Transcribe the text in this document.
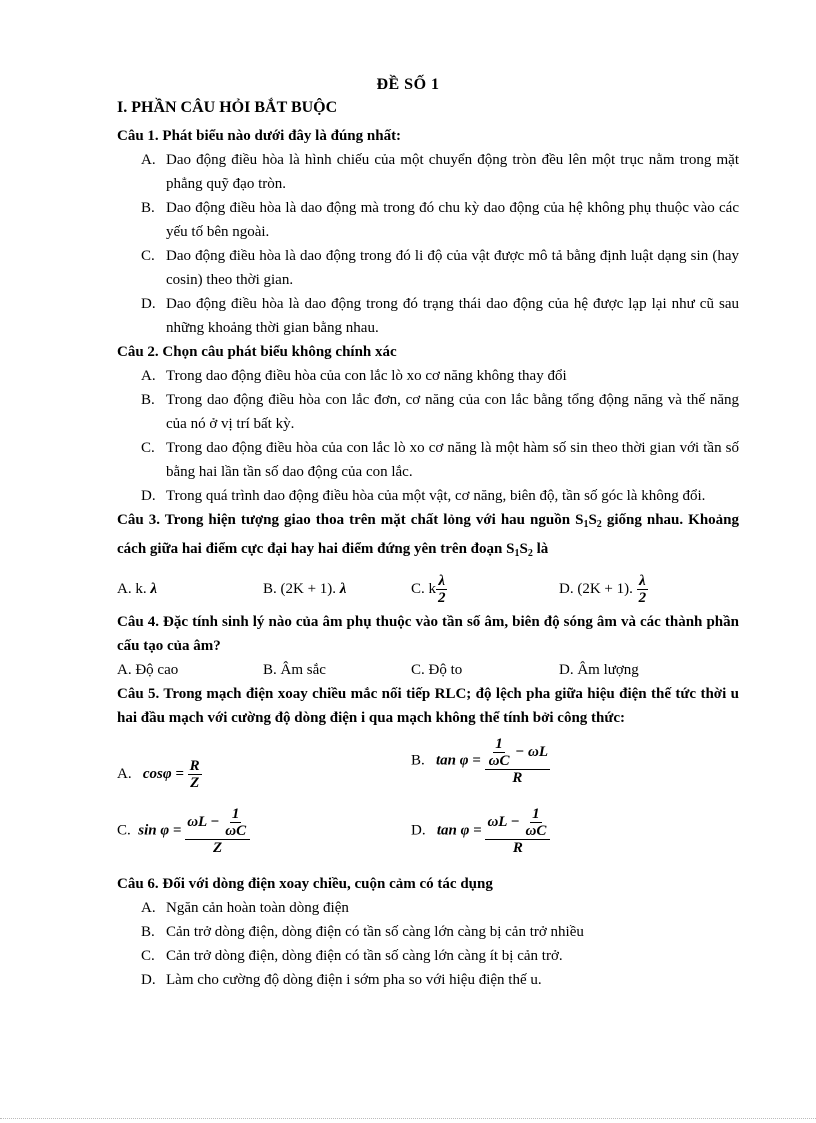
ĐỀ SỐ 1
I. PHẦN CÂU HỎI BẮT BUỘC

Câu 1. Phát biểu nào dưới đây là đúng nhất:

A. Dao động điều hòa là hình chiếu của một chuyển động tròn đều lên một trục nằm trong mặt phẳng quỹ đạo tròn.

B. Dao động điều hòa là dao động mà trong đó chu kỳ dao động của hệ không phụ thuộc vào các yếu tố bên ngoài.

C. Dao động điều hòa là dao động trong đó li độ của vật được mô tả bằng định luật dạng sin (hay cosin) theo thời gian.

D. Dao động điều hòa là dao động trong đó trạng thái dao động của hệ được lạp lại như cũ sau những khoảng thời gian bằng nhau.

Câu 2. Chọn câu phát biểu không chính xác

A. Trong dao động điều hòa của con lắc lò xo cơ năng không thay đổi

B. Trong dao động điều hòa con lắc đơn, cơ năng của con lắc bằng tổng động năng và thế năng của nó ở vị trí bất kỳ.

C. Trong dao động điều hòa của con lắc lò xo cơ năng là một hàm số sin theo thời gian với tần số bằng hai lần tần số dao động của con lắc.

D. Trong quá trình dao động điều hòa của một vật, cơ năng, biên độ, tần số góc là không đổi.

Câu 3. Trong hiện tượng giao thoa trên mặt chất lỏng với hau nguồn $S_1S_2$ giống nhau. Khoảng cách giữa hai điểm cực đại hay hai điểm đứng yên trên đoạn $S_1S_2$ là

A. k. λ	B. (2K + 1). λ	C. k $\frac{\lambda}{2}$	D. (2K + 1). $\frac{\lambda}{2}$

Câu 4. Đặc tính sinh lý nào của âm phụ thuộc vào tần số âm, biên độ sóng âm và các thành phần cấu tạo của âm?

A. Độ cao	B. Âm sắc	C. Độ to	D. Âm lượng

Câu 5. Trong mạch điện xoay chiều mắc nối tiếp RLC; độ lệch pha giữa hiệu điện thế tức thời u hai đầu mạch với cường độ dòng điện i qua mạch không thể tính bởi công thức:

A. $\cos\varphi = \frac{R}{Z}$	B. $\tan \varphi = \frac{\frac{1}{\omega C} - \omega L}{R}$
C. $\sin \varphi = \frac{\omega L - \frac{1}{\omega C}}{Z}$	D. $\tan \varphi = \frac{\omega L - \frac{1}{\omega C}}{R}$

Câu 6. Đối với dòng điện xoay chiều, cuộn cảm có tác dụng

A. Ngăn cản hoàn toàn dòng điện

B. Cản trở dòng điện, dòng điện có tần số càng lớn càng bị cản trở nhiều

C. Cản trở dòng điện, dòng điện có tần số càng lớn càng ít bị cản trở.

D. Làm cho cường độ dòng điện i sớm pha so với hiệu điện thế u.
